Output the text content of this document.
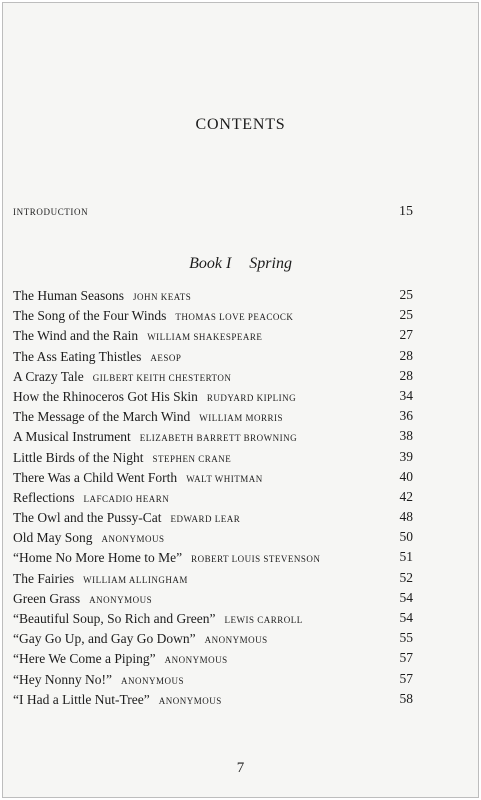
CONTENTS
INTRODUCTION	15
Book I Spring
The Human Seasons JOHN KEATS	25
The Song of the Four Winds THOMAS LOVE PEACOCK	25
The Wind and the Rain WILLIAM SHAKESPEARE	27
The Ass Eating Thistles AESOP	28
A Crazy Tale GILBERT KEITH CHESTERTON	28
How the Rhinoceros Got His Skin RUDYARD KIPLING	34
The Message of the March Wind WILLIAM MORRIS	36
A Musical Instrument ELIZABETH BARRETT BROWNING	38
Little Birds of the Night STEPHEN CRANE	39
There Was a Child Went Forth WALT WHITMAN	40
Reflections LAFCADIO HEARN	42
The Owl and the Pussy-Cat EDWARD LEAR	48
Old May Song ANONYMOUS	50
“Home No More Home to Me” ROBERT LOUIS STEVENSON	51
The Fairies WILLIAM ALLINGHAM	52
Green Grass ANONYMOUS	54
“Beautiful Soup, So Rich and Green” LEWIS CARROLL	54
“Gay Go Up, and Gay Go Down” ANONYMOUS	55
“Here We Come a Piping” ANONYMOUS	57
“Hey Nonny No!” ANONYMOUS	57
“I Had a Little Nut-Tree” ANONYMOUS	58
7
